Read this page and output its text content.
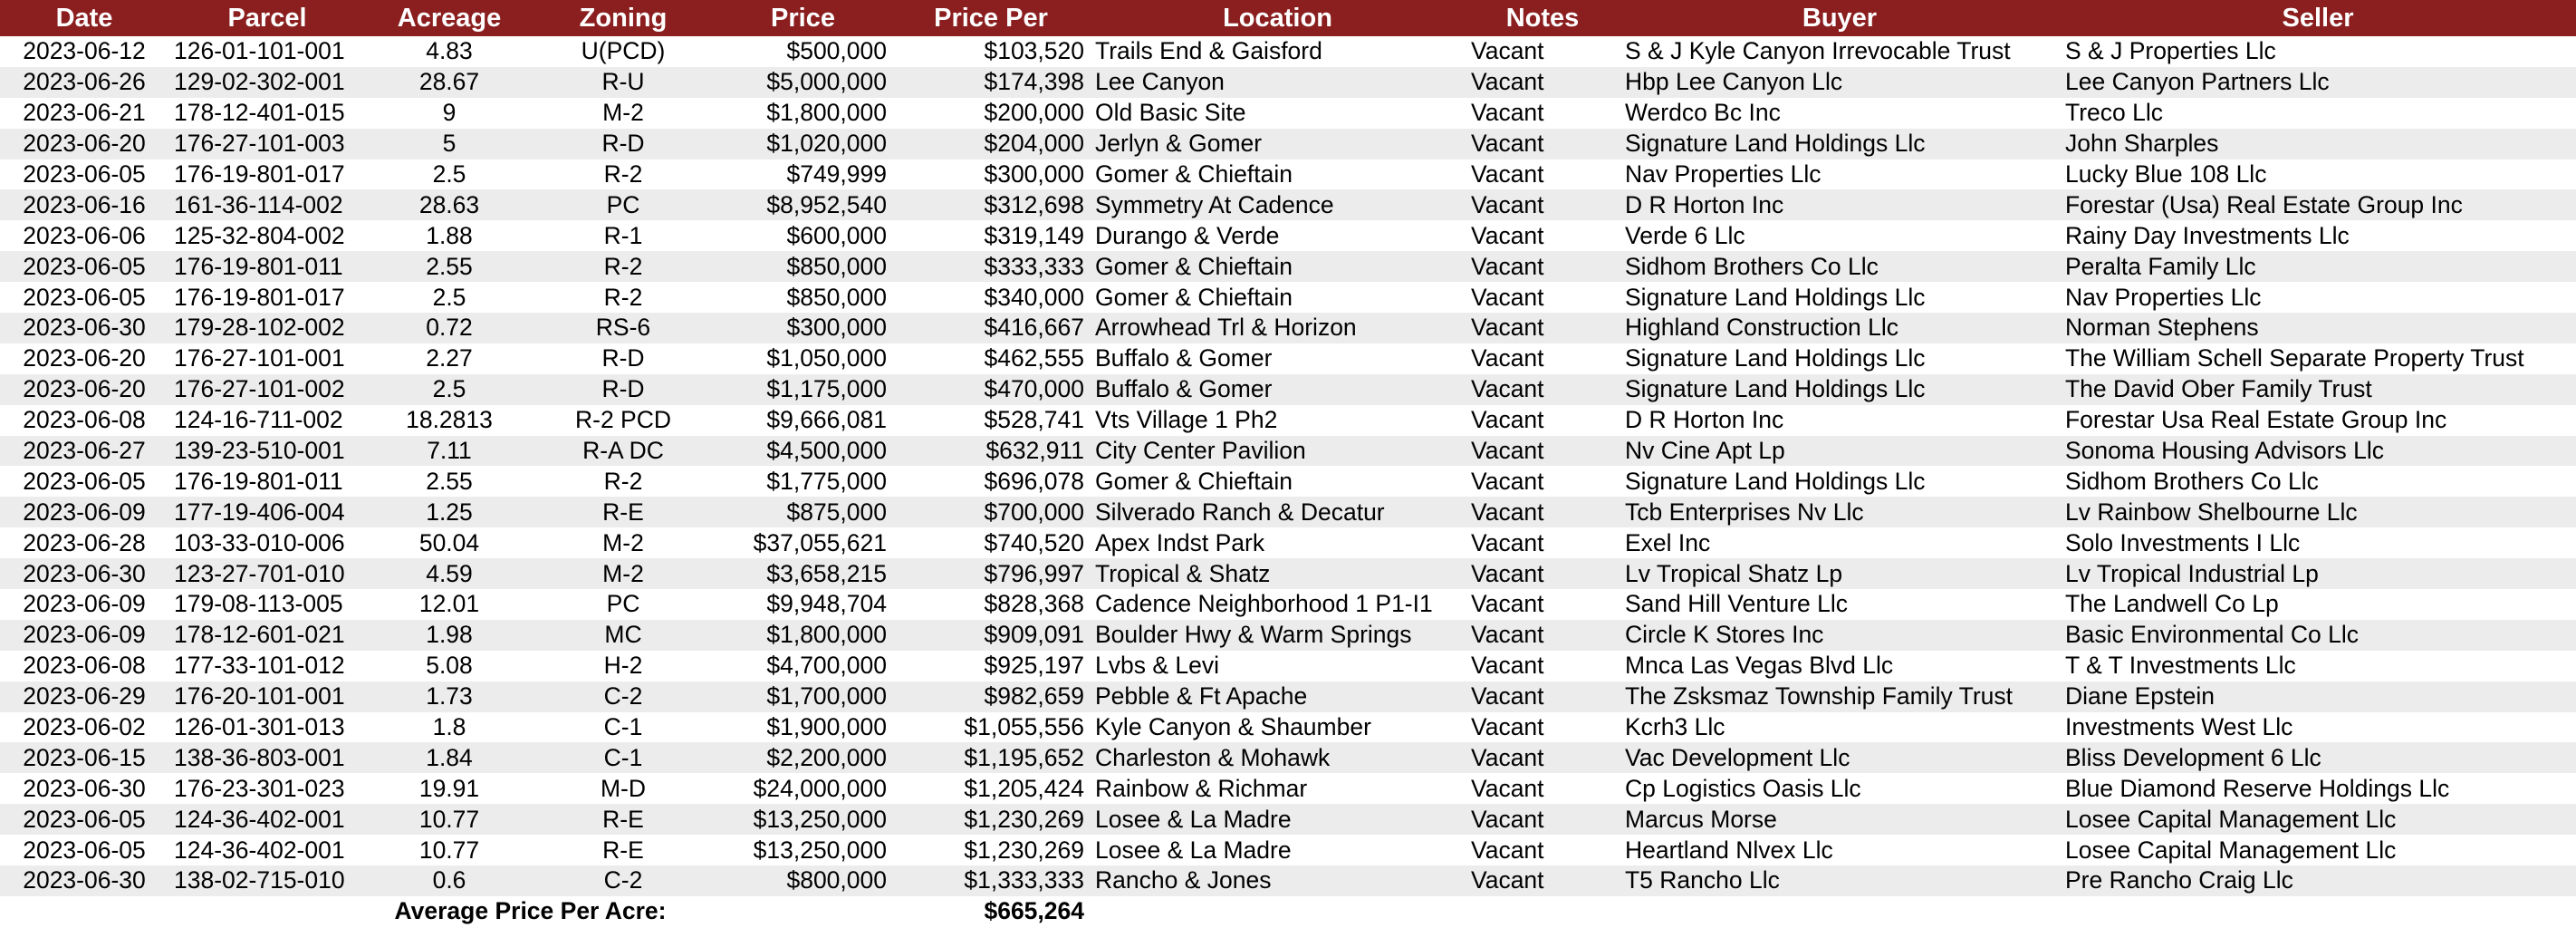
Date	Parcel	Acreage	Zoning	Price	Price Per	Location	Notes	Buyer	Seller
2023-06-12	126-01-101-001	4.83	U(PCD)	$500,000	$103,520	Trails End & Gaisford	Vacant	S & J Kyle Canyon Irrevocable Trust	S & J Properties Llc
2023-06-26	129-02-302-001	28.67	R-U	$5,000,000	$174,398	Lee Canyon	Vacant	Hbp Lee Canyon Llc	Lee Canyon Partners Llc
2023-06-21	178-12-401-015	9	M-2	$1,800,000	$200,000	Old Basic Site	Vacant	Werdco Bc Inc	Treco Llc
2023-06-20	176-27-101-003	5	R-D	$1,020,000	$204,000	Jerlyn & Gomer	Vacant	Signature Land Holdings Llc	John Sharples
2023-06-05	176-19-801-017	2.5	R-2	$749,999	$300,000	Gomer & Chieftain	Vacant	Nav Properties Llc	Lucky Blue 108 Llc
2023-06-16	161-36-114-002	28.63	PC	$8,952,540	$312,698	Symmetry At Cadence	Vacant	D R Horton Inc	Forestar (Usa) Real Estate Group Inc
2023-06-06	125-32-804-002	1.88	R-1	$600,000	$319,149	Durango & Verde	Vacant	Verde 6 Llc	Rainy Day Investments Llc
2023-06-05	176-19-801-011	2.55	R-2	$850,000	$333,333	Gomer & Chieftain	Vacant	Sidhom Brothers Co Llc	Peralta Family Llc
2023-06-05	176-19-801-017	2.5	R-2	$850,000	$340,000	Gomer & Chieftain	Vacant	Signature Land Holdings Llc	Nav Properties Llc
2023-06-30	179-28-102-002	0.72	RS-6	$300,000	$416,667	Arrowhead Trl & Horizon	Vacant	Highland Construction Llc	Norman Stephens
2023-06-20	176-27-101-001	2.27	R-D	$1,050,000	$462,555	Buffalo & Gomer	Vacant	Signature Land Holdings Llc	The William Schell Separate Property Trust
2023-06-20	176-27-101-002	2.5	R-D	$1,175,000	$470,000	Buffalo & Gomer	Vacant	Signature Land Holdings Llc	The David Ober Family Trust
2023-06-08	124-16-711-002	18.2813	R-2 PCD	$9,666,081	$528,741	Vts Village 1 Ph2	Vacant	D R Horton Inc	Forestar Usa Real Estate Group Inc
2023-06-27	139-23-510-001	7.11	R-A DC	$4,500,000	$632,911	City Center Pavilion	Vacant	Nv Cine Apt Lp	Sonoma Housing Advisors Llc
2023-06-05	176-19-801-011	2.55	R-2	$1,775,000	$696,078	Gomer & Chieftain	Vacant	Signature Land Holdings Llc	Sidhom Brothers Co Llc
2023-06-09	177-19-406-004	1.25	R-E	$875,000	$700,000	Silverado Ranch & Decatur	Vacant	Tcb Enterprises Nv Llc	Lv Rainbow Shelbourne Llc
2023-06-28	103-33-010-006	50.04	M-2	$37,055,621	$740,520	Apex Indst Park	Vacant	Exel Inc	Solo Investments I Llc
2023-06-30	123-27-701-010	4.59	M-2	$3,658,215	$796,997	Tropical & Shatz	Vacant	Lv Tropical Shatz Lp	Lv Tropical Industrial Lp
2023-06-09	179-08-113-005	12.01	PC	$9,948,704	$828,368	Cadence Neighborhood 1 P1-I1	Vacant	Sand Hill Venture Llc	The Landwell Co Lp
2023-06-09	178-12-601-021	1.98	MC	$1,800,000	$909,091	Boulder Hwy & Warm Springs	Vacant	Circle K Stores Inc	Basic Environmental Co Llc
2023-06-08	177-33-101-012	5.08	H-2	$4,700,000	$925,197	Lvbs & Levi	Vacant	Mnca Las Vegas Blvd Llc	T & T Investments Llc
2023-06-29	176-20-101-001	1.73	C-2	$1,700,000	$982,659	Pebble & Ft Apache	Vacant	The Zsksmaz Township Family Trust	Diane Epstein
2023-06-02	126-01-301-013	1.8	C-1	$1,900,000	$1,055,556	Kyle Canyon & Shaumber	Vacant	Kcrh3 Llc	Investments West Llc
2023-06-15	138-36-803-001	1.84	C-1	$2,200,000	$1,195,652	Charleston & Mohawk	Vacant	Vac Development Llc	Bliss Development 6 Llc
2023-06-30	176-23-301-023	19.91	M-D	$24,000,000	$1,205,424	Rainbow & Richmar	Vacant	Cp Logistics Oasis Llc	Blue Diamond Reserve Holdings Llc
2023-06-05	124-36-402-001	10.77	R-E	$13,250,000	$1,230,269	Losee & La Madre	Vacant	Marcus Morse	Losee Capital Management Llc
2023-06-05	124-36-402-001	10.77	R-E	$13,250,000	$1,230,269	Losee & La Madre	Vacant	Heartland Nlvex Llc	Losee Capital Management Llc
2023-06-30	138-02-715-010	0.6	C-2	$800,000	$1,333,333	Rancho & Jones	Vacant	T5 Rancho Llc	Pre Rancho Craig Llc
	Average Price Per Acre:				$665,264				
